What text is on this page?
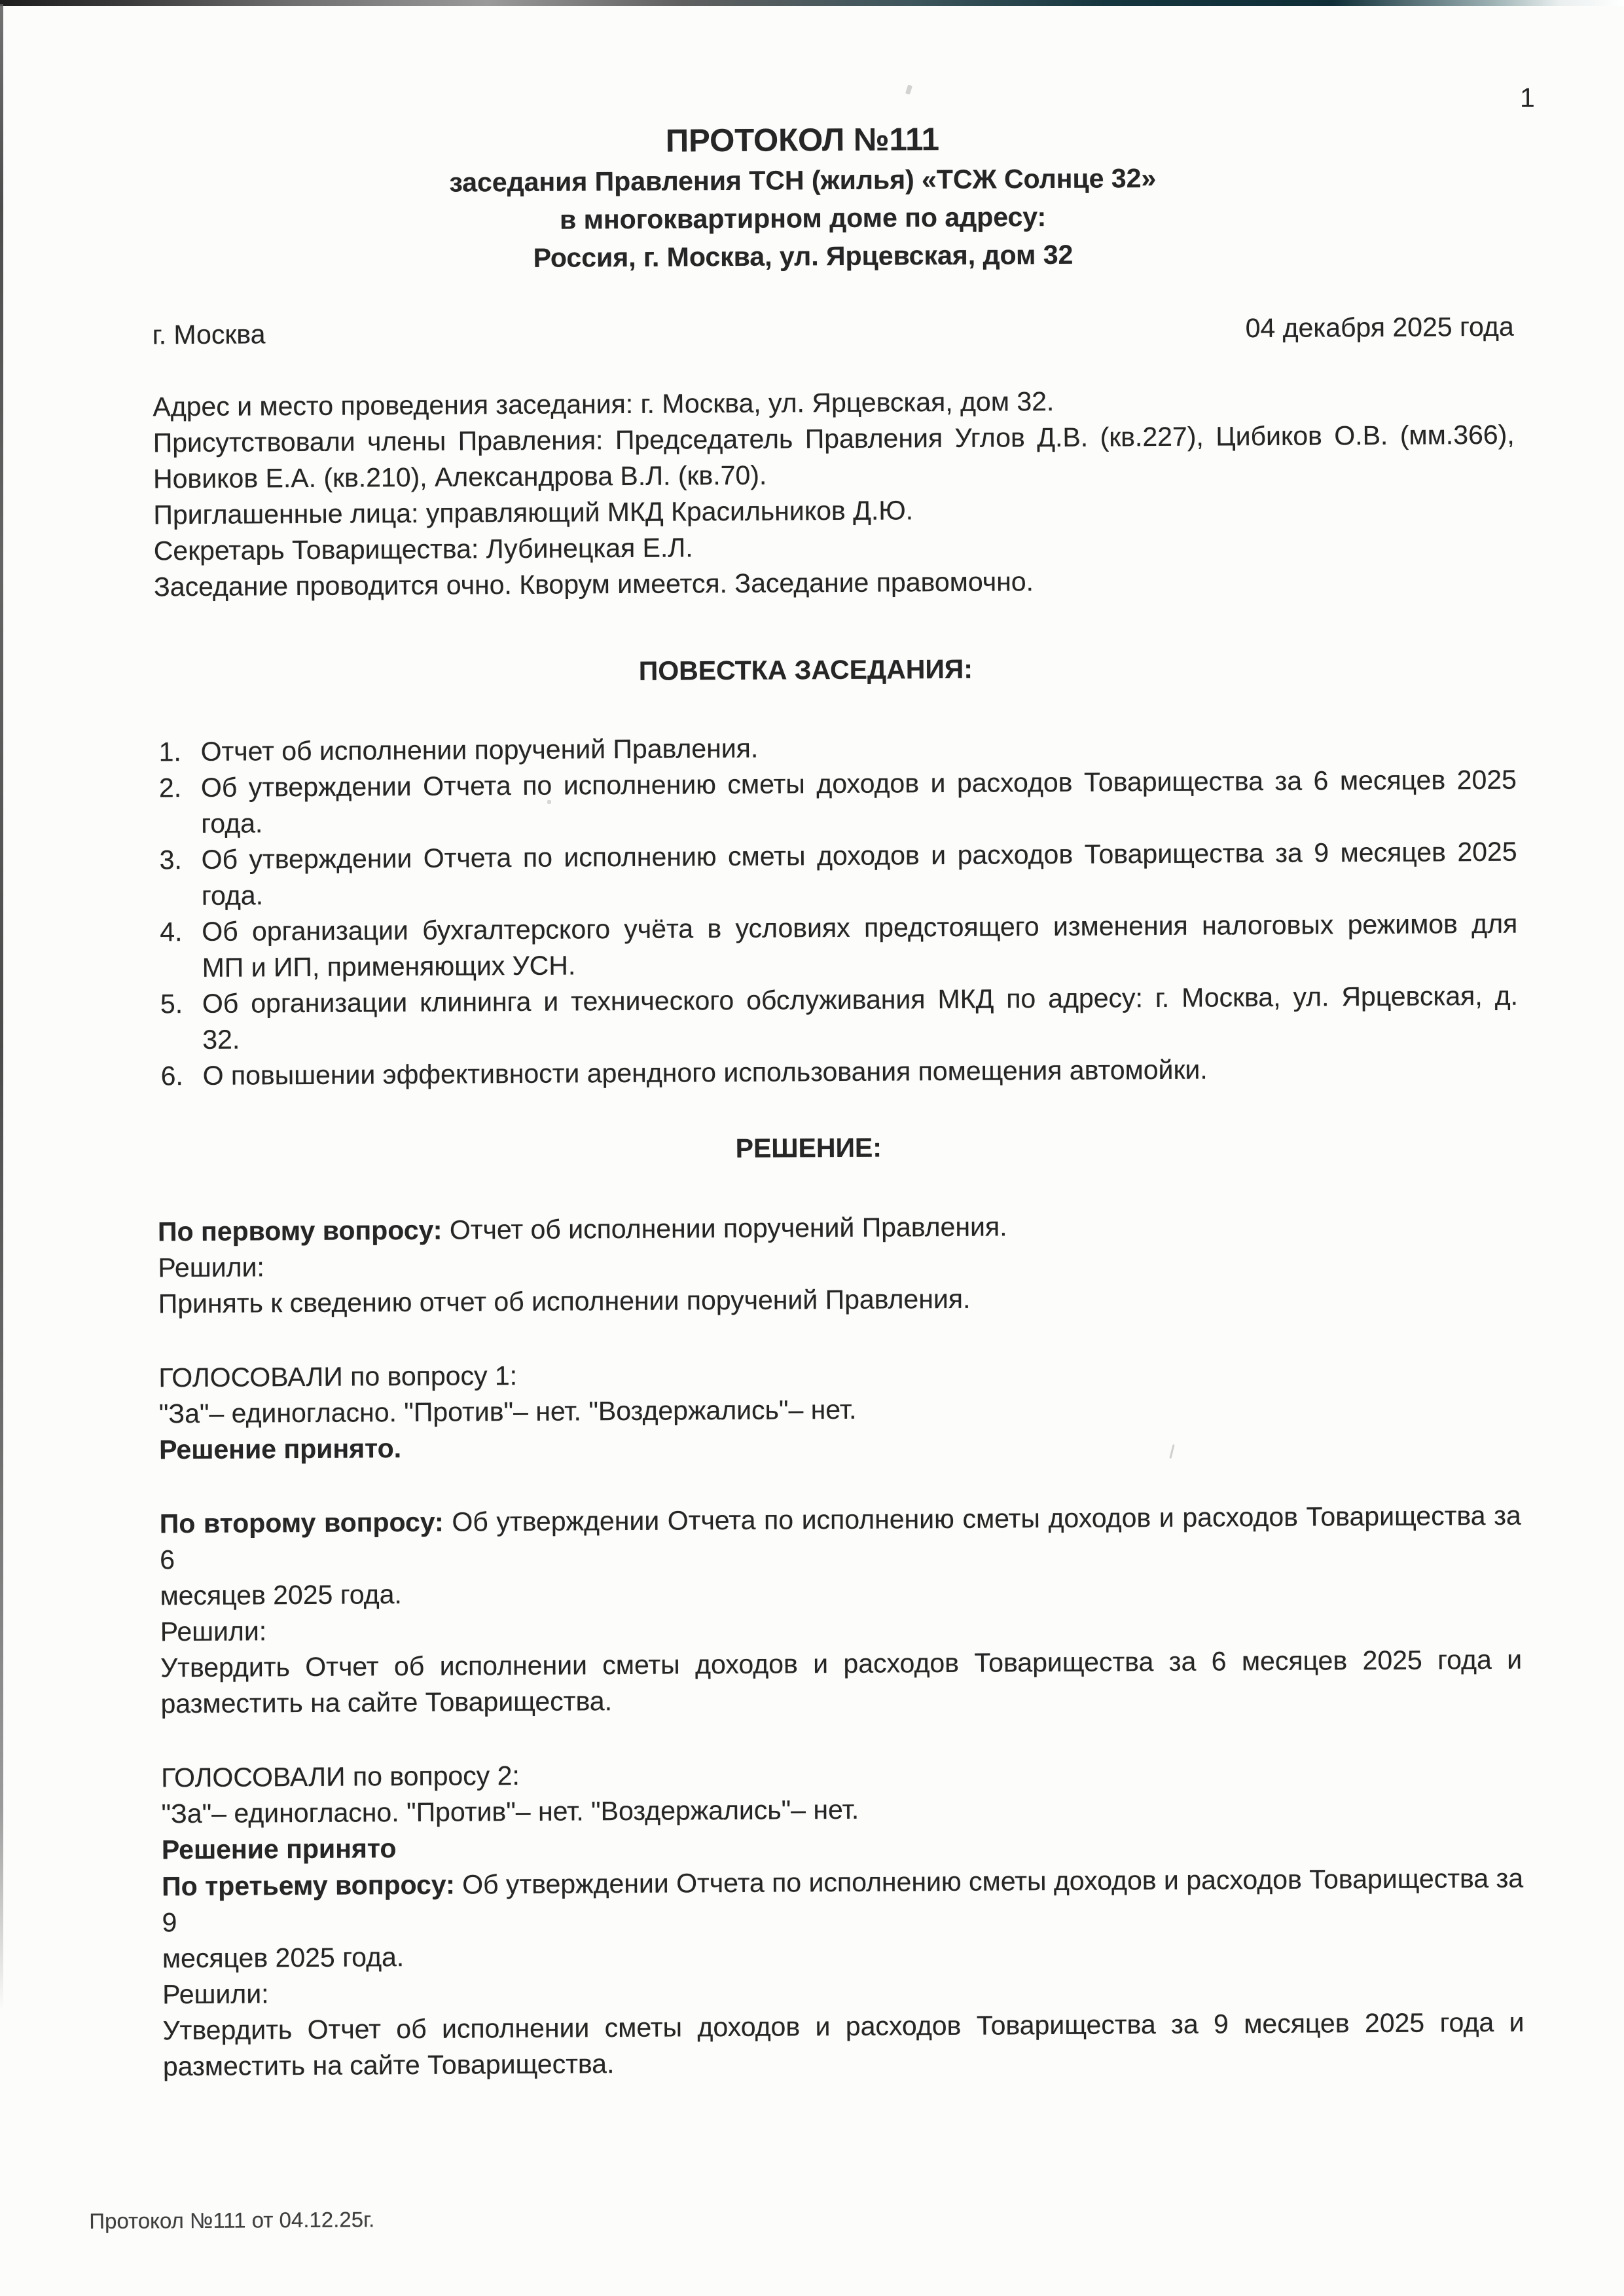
1
ПРОТОКОЛ №111
заседания Правления ТСН (жилья) «ТСЖ Солнце 32»
в многоквартирном доме по адресу:
Россия, г. Москва, ул. Ярцевская, дом 32
г. Москва	04 декабря 2025 года

Адрес и место проведения заседания: г. Москва, ул. Ярцевская, дом 32.

Присутствовали члены Правления: Председатель Правления Углов Д.В. (кв.227), Цибиков О.В. (мм.366),

Новиков Е.А. (кв.210), Александрова В.Л. (кв.70).

Приглашенные лица: управляющий МКД Красильников Д.Ю.

Секретарь Товарищества: Лубинецкая Е.Л.

Заседание проводится очно. Кворум имеется. Заседание правомочно.

ПОВЕСТКА ЗАСЕДАНИЯ:
1. Отчет об исполнении поручений Правления.

2. Об утверждении Отчета по исполнению сметы доходов и расходов Товарищества за 6 месяцев 2025

года.

3. Об утверждении Отчета по исполнению сметы доходов и расходов Товарищества за 9 месяцев 2025

года.

4. Об организации бухгалтерского учёта в условиях предстоящего изменения налоговых режимов для

МП и ИП, применяющих УСН.

5. Об организации клининга и технического обслуживания МКД по адресу: г. Москва, ул. Ярцевская, д.

32.

6. О повышении эффективности арендного использования помещения автомойки.

РЕШЕНИЕ:

По первому вопросу: Отчет об исполнении поручений Правления.

Решили:

Принять к сведению отчет об исполнении поручений Правления.

ГОЛОСОВАЛИ по вопросу 1:

"За"– единогласно. "Против"– нет. "Воздержались"– нет.

Решение принято.

По второму вопросу: Об утверждении Отчета по исполнению сметы доходов и расходов Товарищества за 6

месяцев 2025 года.

Решили:

Утвердить Отчет об исполнении сметы доходов и расходов Товарищества за 6 месяцев 2025 года и

разместить на сайте Товарищества.

ГОЛОСОВАЛИ по вопросу 2:

"За"– единогласно. "Против"– нет. "Воздержались"– нет.

Решение принято

По третьему вопросу: Об утверждении Отчета по исполнению сметы доходов и расходов Товарищества за 9

месяцев 2025 года.

Решили:

Утвердить Отчет об исполнении сметы доходов и расходов Товарищества за 9 месяцев 2025 года и

разместить на сайте Товарищества.

Протокол №111 от 04.12.25г.
